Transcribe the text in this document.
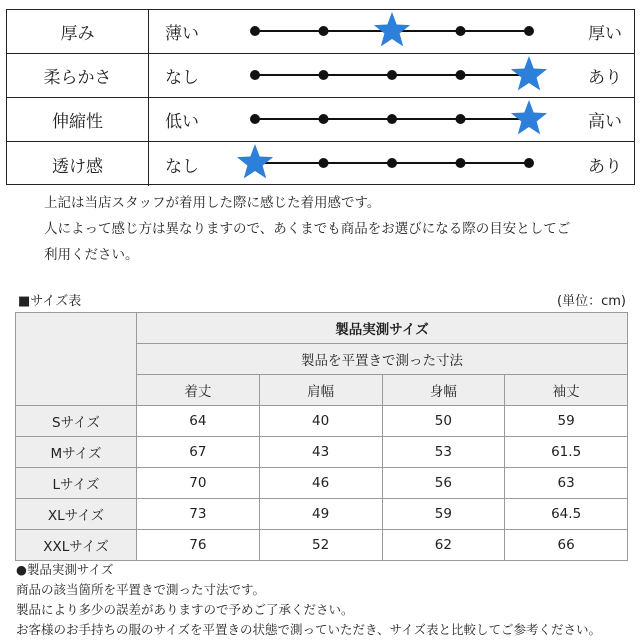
厚み	薄い	厚い
柔らかさ	なし	あり
伸縮性	低い	高い
透け感	なし	あり
上記は当店スタッフが着用した際に感じた着用感です。
人によって感じ方は異なりますので、あくまでも商品をお選びになる際の目安としてご
利用ください。
■サイズ表	(単位：cm)
	製品実測サイズ			
	製品を平置きで測った寸法			
	着丈	肩幅	身幅	袖丈
Sサイズ	64	40	50	59
Mサイズ	67	43	53	61.5
Lサイズ	70	46	56	63
XLサイズ	73	49	59	64.5
XXLサイズ	76	52	62	66
●製品実測サイズ
商品の該当箇所を平置きで測った寸法です。
製品により多少の誤差がありますので予めご了承ください。
お客様のお手持ちの服のサイズを平置きの状態で測っていただき、サイズ表と比較してご参考ください。
